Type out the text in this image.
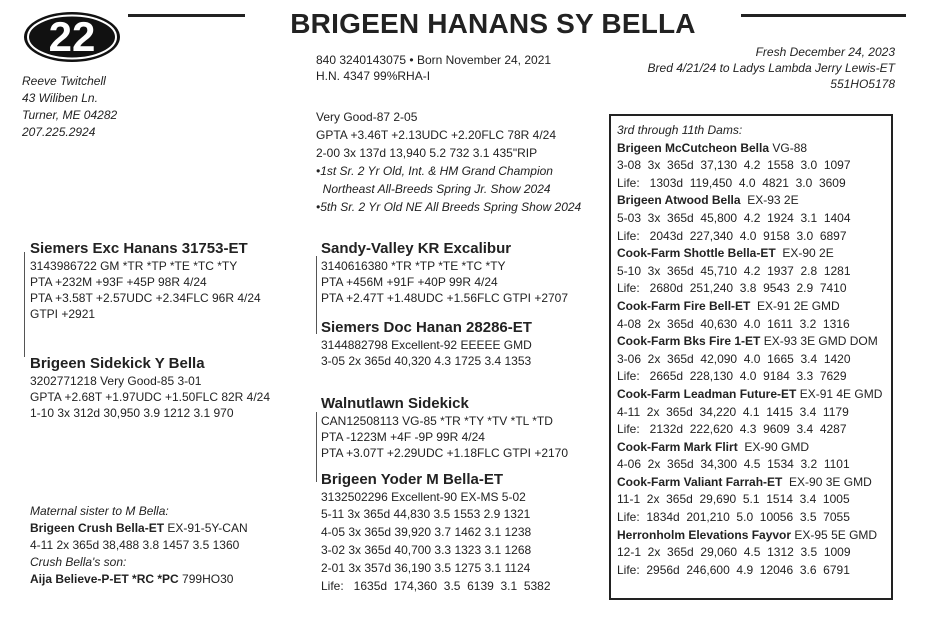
22	BRIGEEN HANANS SY BELLA
Reeve Twitchell
43 Wiliben Ln.
Turner, ME 04282
207.225.2924
840 3240143075 • Born November 24, 2021
H.N. 4347 99%RHA-I
Fresh December 24, 2023
Bred 4/21/24 to Ladys Lambda Jerry Lewis-ET
551HO5178
Very Good-87 2-05
GPTA +3.46T +2.13UDC +2.20FLC 78R 4/24
2-00 3x 137d 13,940 5.2 732 3.1 435"RIP
•1st Sr. 2 Yr Old, Int. & HM Grand Champion
Northeast All-Breeds Spring Jr. Show 2024
•5th Sr. 2 Yr Old NE All Breeds Spring Show 2024
Siemers Exc Hanans 31753-ET
3143986722 GM *TR *TP *TE *TC *TY
PTA +232M +93F +45P 98R 4/24
PTA +3.58T +2.57UDC +2.34FLC 96R 4/24
GTPI +2921
Brigeen Sidekick Y Bella
3202771218 Very Good-85 3-01
GPTA +2.68T +1.97UDC +1.50FLC 82R 4/24
1-10 3x 312d 30,950 3.9 1212 3.1 970
Sandy-Valley KR Excalibur
3140616380 *TR *TP *TE *TC *TY
PTA +456M +91F +40P 99R 4/24
PTA +2.47T +1.48UDC +1.56FLC GTPI +2707
Siemers Doc Hanan 28286-ET
3144882798 Excellent-92 EEEEE GMD
3-05 2x 365d 40,320 4.3 1725 3.4 1353
Walnutlawn Sidekick
CAN12508113 VG-85 *TR *TY *TV *TL *TD
PTA -1223M +4F -9P 99R 4/24
PTA +3.07T +2.29UDC +1.18FLC GTPI +2170
Brigeen Yoder M Bella-ET
3132502296 Excellent-90 EX-MS 5-02
5-11 3x 365d 44,830 3.5 1553 2.9 1321
4-05 3x 365d 39,920 3.7 1462 3.1 1238
3-02 3x 365d 40,700 3.3 1323 3.1 1268
2-01 3x 357d 36,190 3.5 1275 3.1 1124
Life:   1635d  174,360  3.5  6139  3.1  5382
Maternal sister to M Bella:
Brigeen Crush Bella-ET EX-91-5Y-CAN
4-11 2x 365d 38,488 3.8 1457 3.5 1360
Crush Bella's son:
Aija Believe-P-ET *RC *PC 799HO30
3rd through 11th Dams:
Brigeen McCutcheon Bella VG-88
3-08  3x  365d  37,130  4.2  1558  3.0  1097
Life:   1303d  119,450  4.0  4821  3.0  3609
Brigeen Atwood Bella  EX-93 2E
5-03  3x  365d  45,800  4.2  1924  3.1  1404
Life:   2043d  227,340  4.0  9158  3.0  6897
Cook-Farm Shottle Bella-ET  EX-90 2E
5-10  3x  365d  45,710  4.2  1937  2.8  1281
Life:   2680d  251,240  3.8  9543  2.9  7410
Cook-Farm Fire Bell-ET  EX-91 2E GMD
4-08  2x  365d  40,630  4.0  1611  3.2  1316
Cook-Farm Bks Fire 1-ET EX-93 3E GMD DOM
3-06  2x  365d  42,090  4.0  1665  3.4  1420
Life:   2665d  228,130  4.0  9184  3.3  7629
Cook-Farm Leadman Future-ET EX-91 4E GMD
4-11  2x  365d  34,220  4.1  1415  3.4  1179
Life:   2132d  222,620  4.3  9609  3.4  4287
Cook-Farm Mark Flirt  EX-90 GMD
4-06  2x  365d  34,300  4.5  1534  3.2  1101
Cook-Farm Valiant Farrah-ET  EX-90 3E GMD
11-1  2x  365d  29,690  5.1  1514  3.4  1005
Life:  1834d  201,210  5.0  10056  3.5  7055
Herronholm Elevations Fayvor EX-95 5E GMD
12-1  2x  365d  29,060  4.5  1312  3.5  1009
Life:  2956d  246,600  4.9  12046  3.6  6791
